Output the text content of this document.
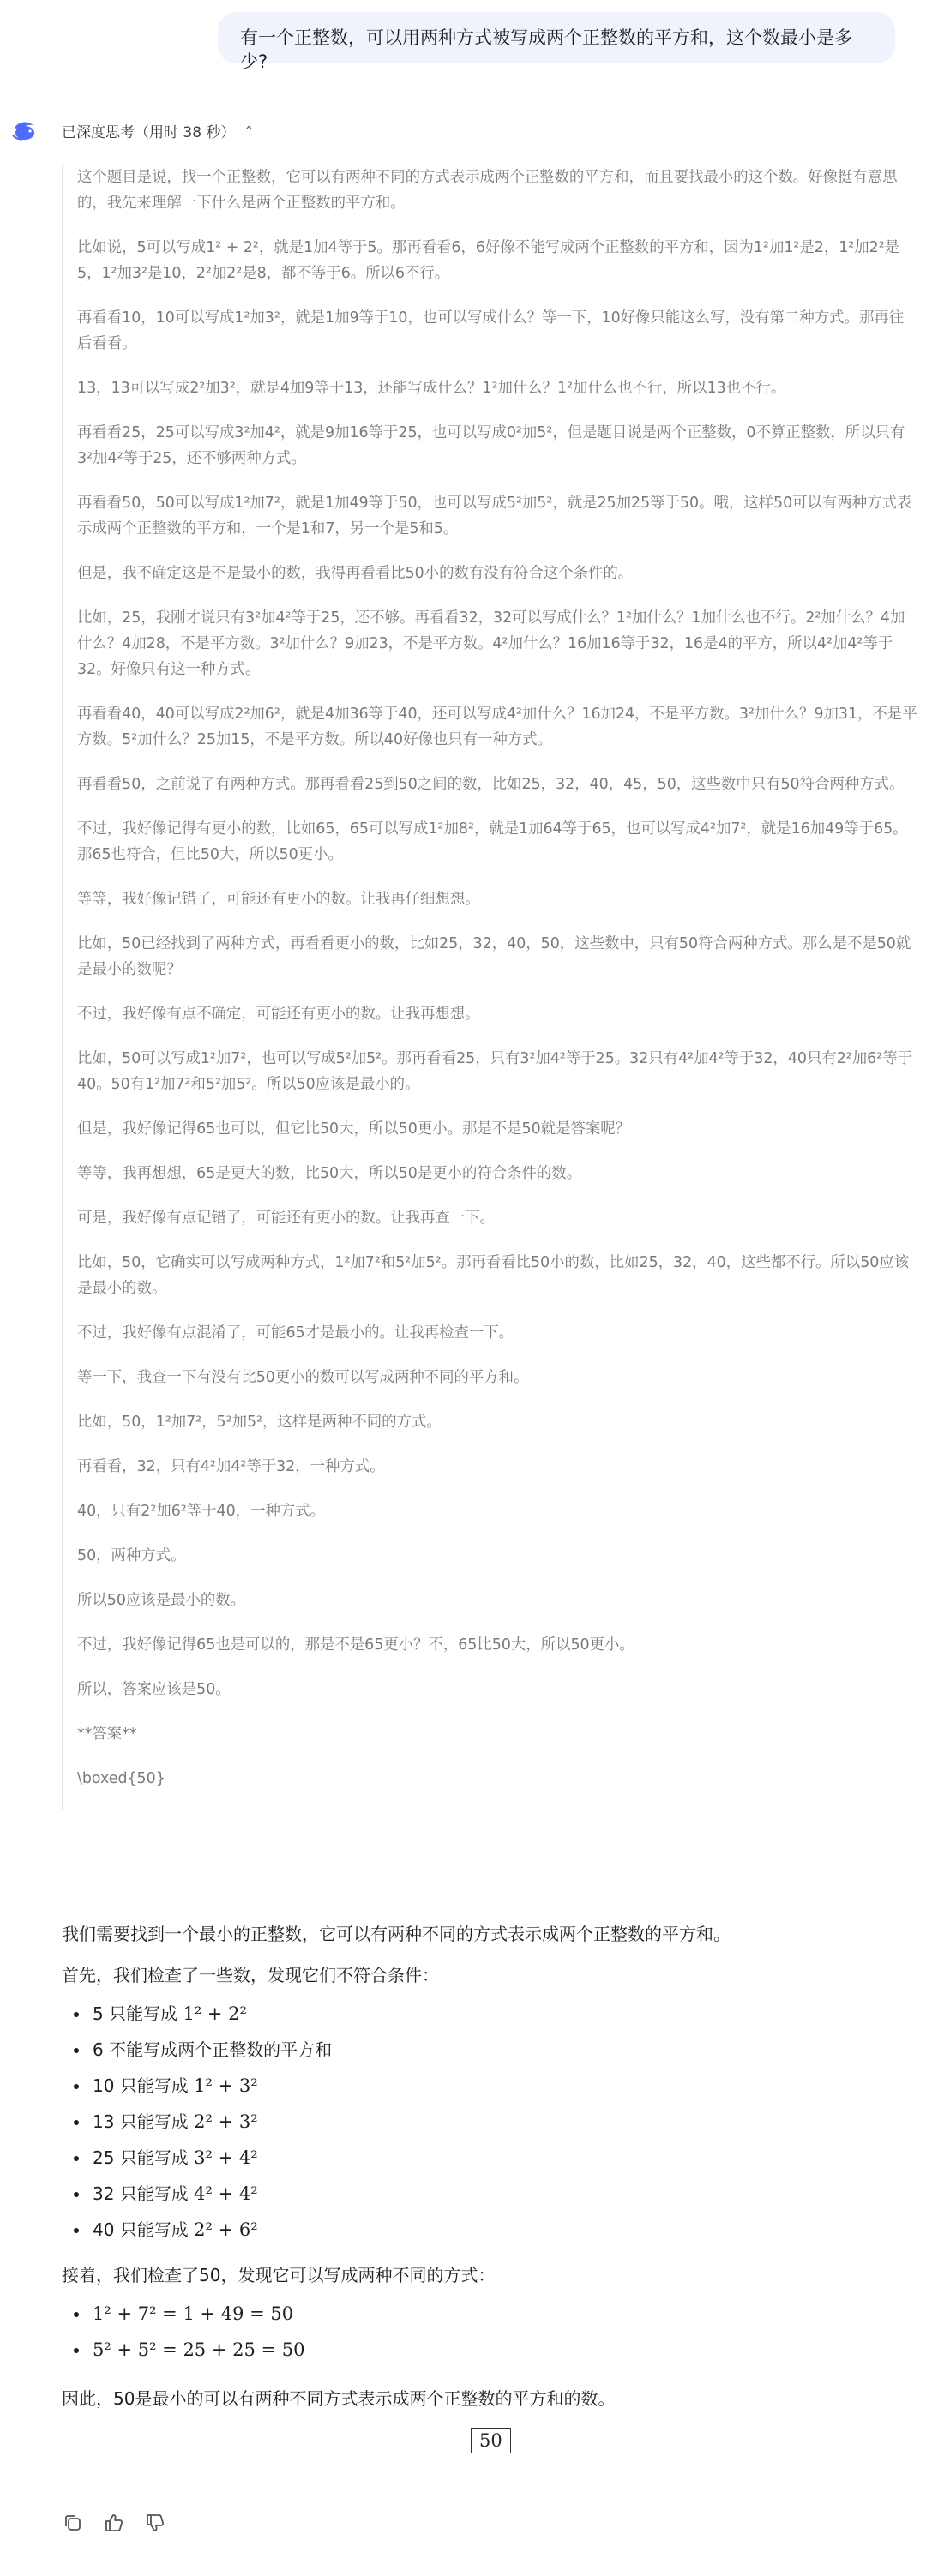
有一个正整数，可以用两种方式被写成两个正整数的平方和，这个数最小是多少?
已深度思考（用时 38 秒） ⌃

这个题目是说，找一个正整数，它可以有两种不同的方式表示成两个正整数的平方和，而且要找最小的这个数。好像挺有意思的，我先来理解一下什么是两个正整数的平方和。

比如说，5可以写成1² + 2²，就是1加4等于5。那再看看6，6好像不能写成两个正整数的平方和，因为1²加1²是2，1²加2²是5，1²加3²是10，2²加2²是8，都不等于6。所以6不行。

再看看10，10可以写成1²加3²，就是1加9等于10，也可以写成什么？等一下，10好像只能这么写，没有第二种方式。那再往后看看。

13，13可以写成2²加3²，就是4加9等于13，还能写成什么？1²加什么？1²加什么也不行，所以13也不行。

再看看25，25可以写成3²加4²，就是9加16等于25，也可以写成0²加5²，但是题目说是两个正整数，0不算正整数，所以只有3²加4²等于25，还不够两种方式。

再看看50，50可以写成1²加7²，就是1加49等于50，也可以写成5²加5²，就是25加25等于50。哦，这样50可以有两种方式表示成两个正整数的平方和，一个是1和7，另一个是5和5。

但是，我不确定这是不是最小的数，我得再看看比50小的数有没有符合这个条件的。

比如，25，我刚才说只有3²加4²等于25，还不够。再看看32，32可以写成什么？1²加什么？1加什么也不行。2²加什么？4加什么？4加28，不是平方数。3²加什么？9加23，不是平方数。4²加什么？16加16等于32，16是4的平方，所以4²加4²等于32。好像只有这一种方式。

再看看40，40可以写成2²加6²，就是4加36等于40，还可以写成4²加什么？16加24，不是平方数。3²加什么？9加31，不是平方数。5²加什么？25加15，不是平方数。所以40好像也只有一种方式。

再看看50，之前说了有两种方式。那再看看25到50之间的数，比如25，32，40，45，50，这些数中只有50符合两种方式。

不过，我好像记得有更小的数，比如65，65可以写成1²加8²，就是1加64等于65，也可以写成4²加7²，就是16加49等于65。那65也符合，但比50大，所以50更小。

等等，我好像记错了，可能还有更小的数。让我再仔细想想。

比如，50已经找到了两种方式，再看看更小的数，比如25，32，40，50，这些数中，只有50符合两种方式。那么是不是50就是最小的数呢？

不过，我好像有点不确定，可能还有更小的数。让我再想想。

比如，50可以写成1²加7²，也可以写成5²加5²。那再看看25，只有3²加4²等于25。32只有4²加4²等于32，40只有2²加6²等于40。50有1²加7²和5²加5²。所以50应该是最小的。

但是，我好像记得65也可以，但它比50大，所以50更小。那是不是50就是答案呢？

等等，我再想想，65是更大的数，比50大，所以50是更小的符合条件的数。

可是，我好像有点记错了，可能还有更小的数。让我再查一下。

比如，50，它确实可以写成两种方式，1²加7²和5²加5²。那再看看比50小的数，比如25，32，40，这些都不行。所以50应该是最小的数。

不过，我好像有点混淆了，可能65才是最小的。让我再检查一下。

等一下，我查一下有没有比50更小的数可以写成两种不同的平方和。

比如，50，1²加7²，5²加5²，这样是两种不同的方式。

再看看，32，只有4²加4²等于32，一种方式。

40，只有2²加6²等于40，一种方式。

50，两种方式。

所以50应该是最小的数。

不过，我好像记得65也是可以的，那是不是65更小？不，65比50大，所以50更小。

所以，答案应该是50。

**答案**

\boxed{50}

我们需要找到一个最小的正整数，它可以有两种不同的方式表示成两个正整数的平方和。

首先，我们检查了一些数，发现它们不符合条件：

5 只能写成 1² + 2²
6 不能写成两个正整数的平方和
10 只能写成 1² + 3²
13 只能写成 2² + 3²
25 只能写成 3² + 4²
32 只能写成 4² + 4²
40 只能写成 2² + 6²

接着，我们检查了50，发现它可以写成两种不同的方式：

1² + 7² = 1 + 49 = 50
5² + 5² = 25 + 25 = 50

因此，50是最小的可以有两种不同方式表示成两个正整数的平方和的数。

50
